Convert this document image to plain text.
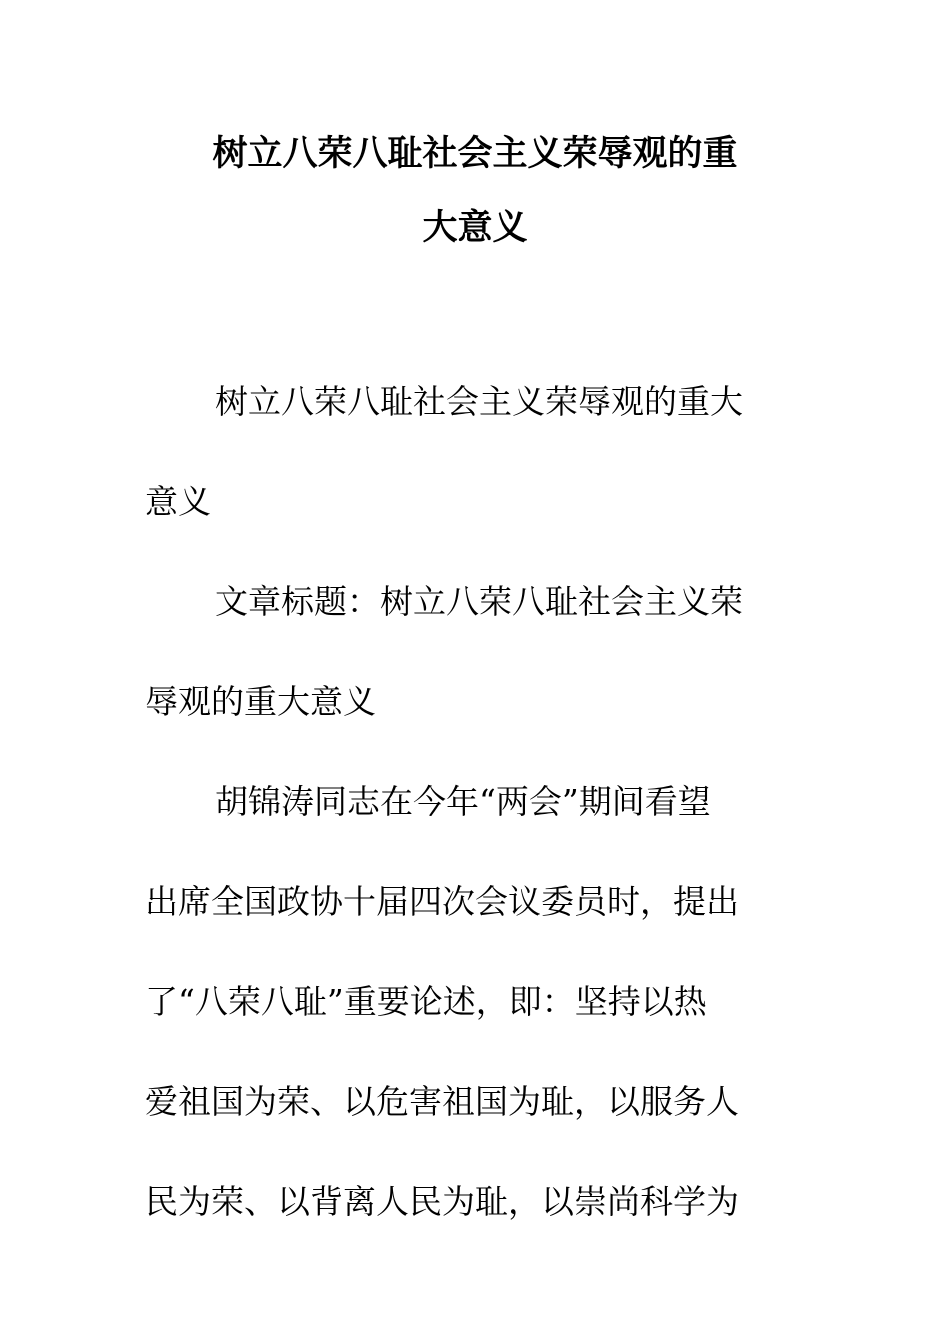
树立八荣八耻社会主义荣辱观的重
大意义
树立八荣八耻社会主义荣辱观的重大
意义
文章标题：树立八荣八耻社会主义荣
辱观的重大意义
胡锦涛同志在今年“两会”期间看望
出席全国政协十届四次会议委员时，提出
了“八荣八耻”重要论述，即：坚持以热
爱祖国为荣、以危害祖国为耻，以服务人
民为荣、以背离人民为耻，以崇尚科学为
